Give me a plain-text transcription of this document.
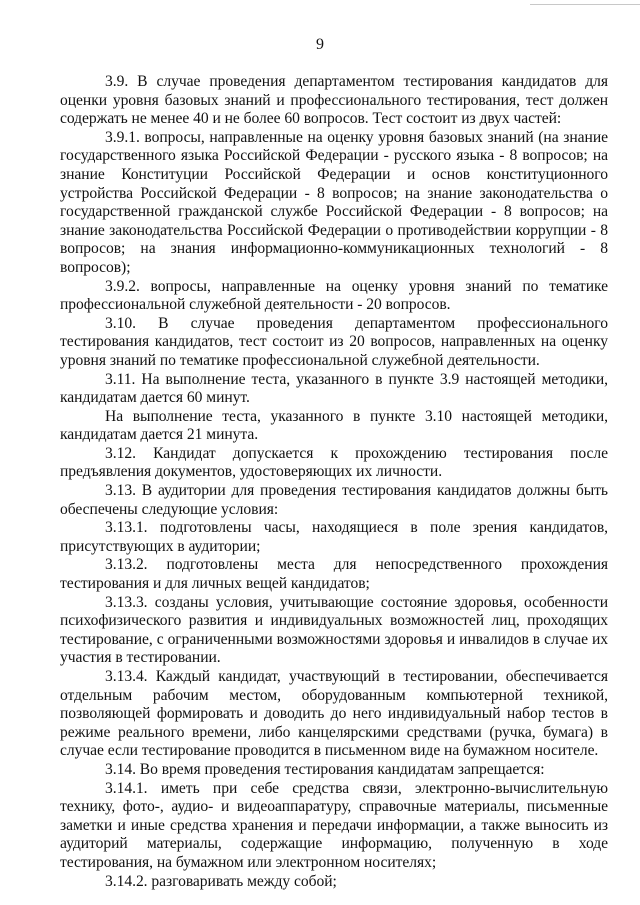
9

3.9. В случае проведения департаментом тестирования кандидатов для оценки уровня базовых знаний и профессионального тестирования, тест должен содержать не менее 40 и не более 60 вопросов. Тест состоит из двух частей:

3.9.1. вопросы, направленные на оценку уровня базовых знаний (на знание государственного языка Российской Федерации - русского языка - 8 вопросов; на знание Конституции Российской Федерации и основ конституционного устройства Российской Федерации - 8 вопросов; на знание законодательства о государственной гражданской службе Российской Федерации - 8 вопросов; на знание законодательства Российской Федерации о противодействии коррупции - 8 вопросов; на знания информационно-коммуникационных технологий - 8 вопросов);

3.9.2. вопросы, направленные на оценку уровня знаний по тематике профессиональной служебной деятельности - 20 вопросов.

3.10. В случае проведения департаментом профессионального тестирования кандидатов, тест состоит из 20 вопросов, направленных на оценку уровня знаний по тематике профессиональной служебной деятельности.

3.11. На выполнение теста, указанного в пункте 3.9 настоящей методики, кандидатам дается 60 минут.

На выполнение теста, указанного в пункте 3.10 настоящей методики, кандидатам дается 21 минута.

3.12. Кандидат допускается к прохождению тестирования после предъявления документов, удостоверяющих их личности.

3.13. В аудитории для проведения тестирования кандидатов должны быть обеспечены следующие условия:

3.13.1. подготовлены часы, находящиеся в поле зрения кандидатов, присутствующих в аудитории;

3.13.2. подготовлены места для непосредственного прохождения тестирования и для личных вещей кандидатов;

3.13.3. созданы условия, учитывающие состояние здоровья, особенности психофизического развития и индивидуальных возможностей лиц, проходящих тестирование, с ограниченными возможностями здоровья и инвалидов в случае их участия в тестировании.

3.13.4. Каждый кандидат, участвующий в тестировании, обеспечивается отдельным рабочим местом, оборудованным компьютерной техникой, позволяющей формировать и доводить до него индивидуальный набор тестов в режиме реального времени, либо канцелярскими средствами (ручка, бумага) в случае если тестирование проводится в письменном виде на бумажном носителе.

3.14. Во время проведения тестирования кандидатам запрещается:

3.14.1. иметь при себе средства связи, электронно-вычислительную технику, фото-, аудио- и видеоаппаратуру, справочные материалы, письменные заметки и иные средства хранения и передачи информации, а также выносить из аудиторий материалы, содержащие информацию, полученную в ходе тестирования, на бумажном или электронном носителях;

3.14.2. разговаривать между собой;
